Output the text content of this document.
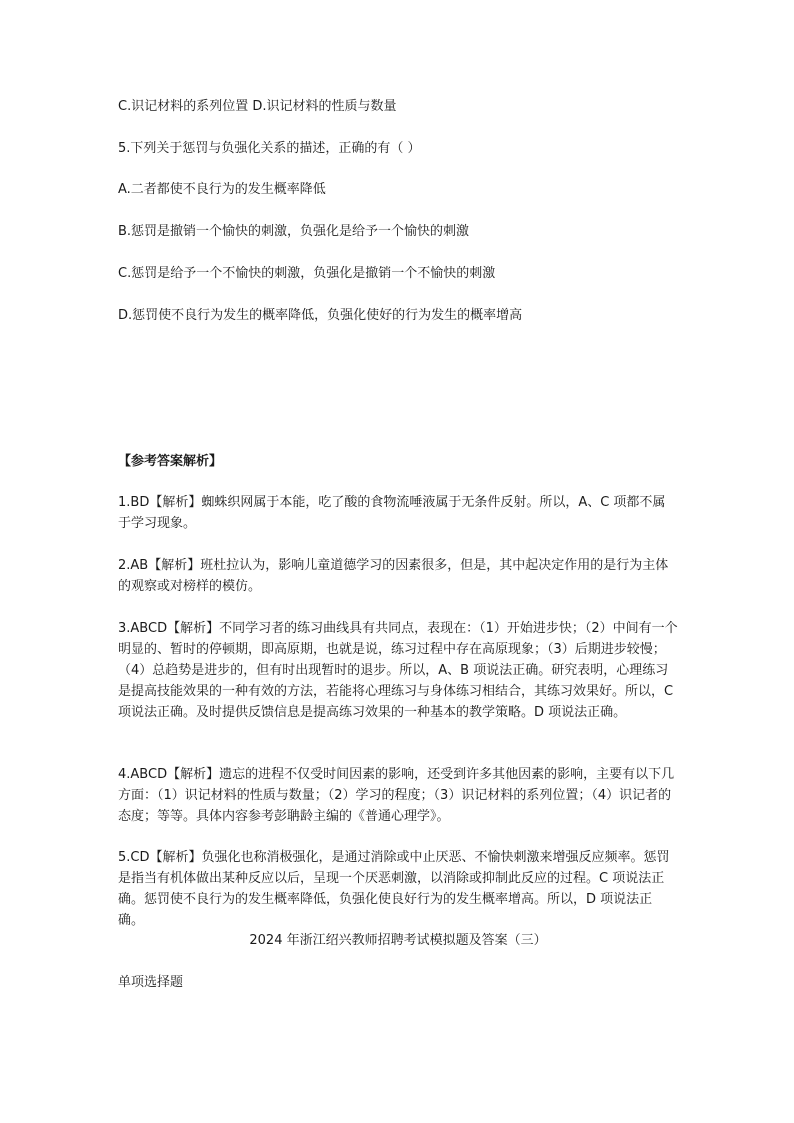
C.识记材料的系列位置 D.识记材料的性质与数量

5.下列关于惩罚与负强化关系的描述，正确的有（ ）

A.二者都使不良行为的发生概率降低

B.惩罚是撤销一个愉快的刺激，负强化是给予一个愉快的刺激

C.惩罚是给予一个不愉快的刺激，负强化是撤销一个不愉快的刺激

D.惩罚使不良行为发生的概率降低，负强化使好的行为发生的概率增高

【参考答案解析】

1.BD【解析】蜘蛛织网属于本能，吃了酸的食物流唾液属于无条件反射。所以，A、C 项都不属于学习现象。

2.AB【解析】班杜拉认为，影响儿童道德学习的因素很多，但是，其中起决定作用的是行为主体的观察或对榜样的模仿。

3.ABCD【解析】不同学习者的练习曲线具有共同点，表现在：（1）开始进步快；（2）中间有一个明显的、暂时的停顿期，即高原期，也就是说，练习过程中存在高原现象；（3）后期进步较慢；（4）总趋势是进步的，但有时出现暂时的退步。所以，A、B 项说法正确。研究表明，心理练习是提高技能效果的一种有效的方法，若能将心理练习与身体练习相结合，其练习效果好。所以，C 项说法正确。及时提供反馈信息是提高练习效果的一种基本的教学策略。D 项说法正确。

4.ABCD【解析】遗忘的进程不仅受时间因素的影响，还受到许多其他因素的影响，主要有以下几方面：（1）识记材料的性质与数量；（2）学习的程度；（3）识记材料的系列位置；（4）识记者的态度；等等。具体内容参考彭聃龄主编的《普通心理学》。

5.CD【解析】负强化也称消极强化，是通过消除或中止厌恶、不愉快刺激来增强反应频率。惩罚是指当有机体做出某种反应以后，呈现一个厌恶刺激，以消除或抑制此反应的过程。C 项说法正确。惩罚使不良行为的发生概率降低，负强化使良好行为的发生概率增高。所以，D 项说法正确。

2024 年浙江绍兴教师招聘考试模拟题及答案（三）

单项选择题
